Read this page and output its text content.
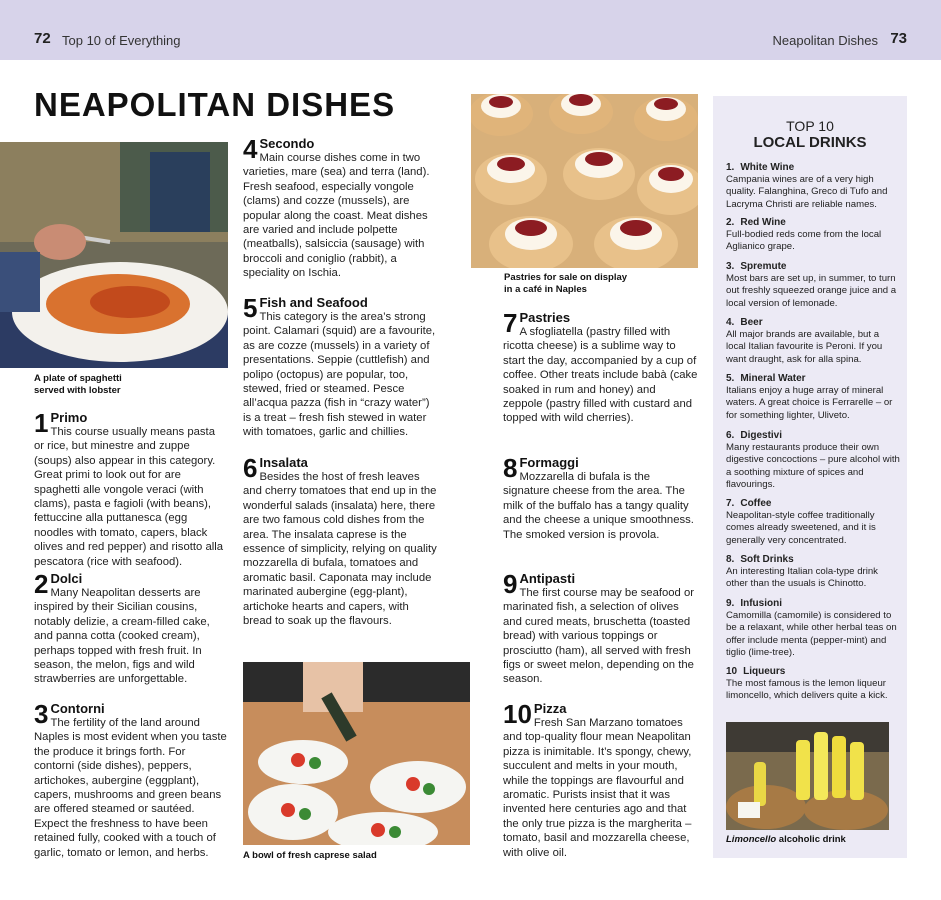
72 Top 10 of Everything	Neapolitan Dishes 73
NEAPOLITAN DISHES
A plate of spaghetti
served with lobster
1 Primo

This course usually means pasta or rice, but minestre and zuppe (soups) also appear in this category. Great primi to look out for are spaghetti alle vongole veraci (with clams), pasta e fagioli (with beans), fettuccine alla puttanesca (egg noodles with tomato, capers, black olives and red pepper) and risotto alla pescatora (rice with seafood).

2 Dolci

Many Neapolitan desserts are inspired by their Sicilian cousins, notably delizie, a cream-filled cake, and panna cotta (cooked cream), perhaps topped with fresh fruit. In season, the melon, figs and wild strawberries are unforgettable.

3 Contorni

The fertility of the land around Naples is most evident when you taste the produce it brings forth. For contorni (side dishes), peppers, artichokes, aubergine (eggplant), capers, mushrooms and green beans are offered steamed or sautéed. Expect the freshness to have been retained fully, cooked with a touch of garlic, tomato or lemon, and herbs.

4 Secondo

Main course dishes come in two varieties, mare (sea) and terra (land). Fresh seafood, especially vongole (clams) and cozze (mussels), are popular along the coast. Meat dishes are varied and include polpette (meatballs), salsiccia (sausage) with broccoli and coniglio (rabbit), a speciality on Ischia.

5 Fish and Seafood

This category is the area’s strong point. Calamari (squid) are a favourite, as are cozze (mussels) in a variety of presentations. Seppie (cuttlefish) and polipo (octopus) are popular, too, stewed, fried or steamed. Pesce all’acqua pazza (fish in “crazy water”) is a treat – fresh fish stewed in water with tomatoes, garlic and chillies.

6 Insalata

Besides the host of fresh leaves and cherry tomatoes that end up in the wonderful salads (insalata) here, there are two famous cold dishes from the area. The insalata caprese is the essence of simplicity, relying on quality mozzarella di bufala, tomatoes and aromatic basil. Caponata may include marinated aubergine (egg-plant), artichoke hearts and capers, with bread to soak up the flavours.

A bowl of fresh caprese salad
Pastries for sale on display
in a café in Naples
7 Pastries

A sfogliatella (pastry filled with ricotta cheese) is a sublime way to start the day, accompanied by a cup of coffee. Other treats include babà (cake soaked in rum and honey) and zeppole (pastry filled with custard and topped with wild cherries).

8 Formaggi

Mozzarella di bufala is the signature cheese from the area. The milk of the buffalo has a tangy quality and the cheese a unique smoothness. The smoked version is provola.

9 Antipasti

The first course may be seafood or marinated fish, a selection of olives and cured meats, bruschetta (toasted bread) with various toppings or prosciutto (ham), all served with fresh figs or sweet melon, depending on the season.

10 Pizza

Fresh San Marzano tomatoes and top-quality flour mean Neapolitan pizza is inimitable. It’s spongy, chewy, succulent and melts in your mouth, while the toppings are flavourful and aromatic. Purists insist that it was invented here centuries ago and that the only true pizza is the margherita – tomato, basil and mozzarella cheese, with olive oil.

TOP 10
LOCAL DRINKS
1. White Wine
Campania wines are of a very high quality. Falanghina, Greco di Tufo and Lacryma Christi are reliable names.
2. Red Wine
Full-bodied reds come from the local Aglianico grape.
3. Spremute
Most bars are set up, in summer, to turn out freshly squeezed orange juice and a local version of lemonade.
4. Beer
All major brands are available, but a local Italian favourite is Peroni. If you want draught, ask for alla spina.
5. Mineral Water
Italians enjoy a huge array of mineral waters. A great choice is Ferrarelle – or for something lighter, Uliveto.
6. Digestivi
Many restaurants produce their own digestive concoctions – pure alcohol with a soothing mixture of spices and flavourings.
7. Coffee
Neapolitan-style coffee traditionally comes already sweetened, and it is generally very concentrated.
8. Soft Drinks
An interesting Italian cola-type drink other than the usuals is Chinotto.
9. Infusioni
Camomilla (camomile) is considered to be a relaxant, while other herbal teas on offer include menta (pepper-mint) and tiglio (lime-tree).
10 Liqueurs
The most famous is the lemon liqueur limoncello, which delivers quite a kick.
Limoncello alcoholic drink
